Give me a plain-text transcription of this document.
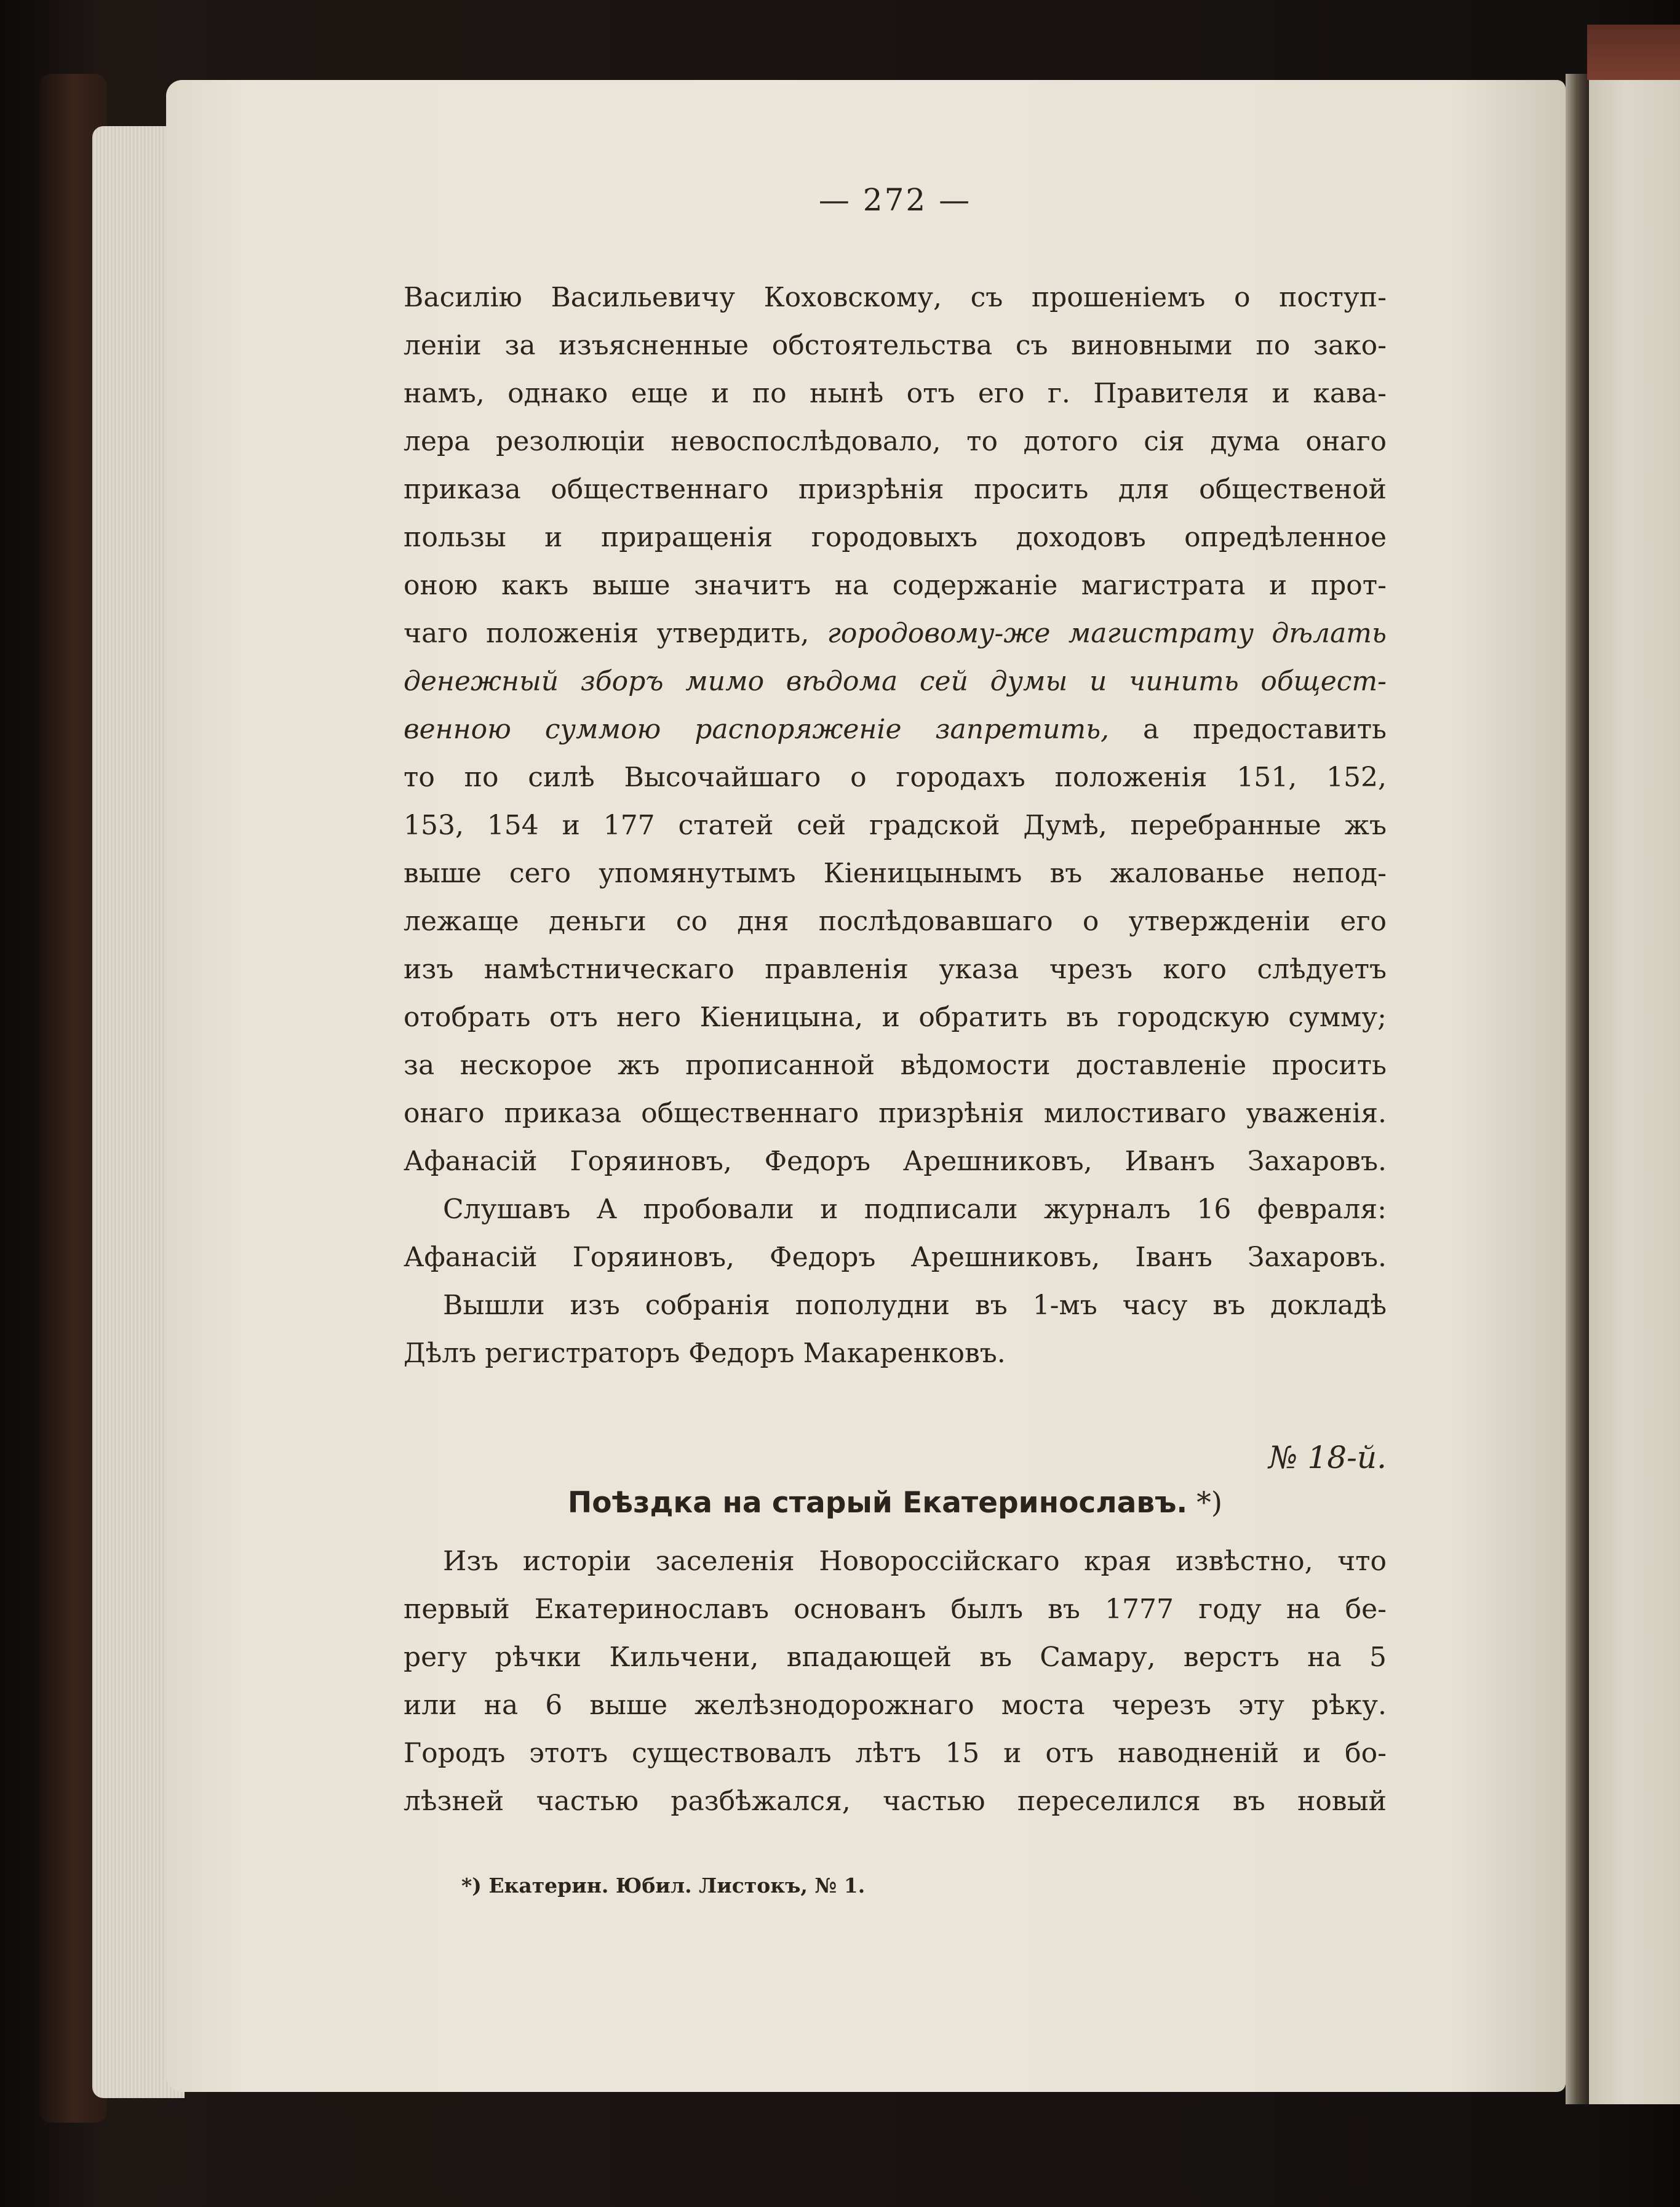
— 272 —
Василію Васильевичу Коховскому, съ прошеніемъ о поступ-
леніи за изъясненные обстоятельства съ виновными по зако-
намъ, однако еще и по нынѣ отъ его г. Правителя и кава-
лера резолюціи невоспослѣдовало, то дотого сія дума онаго
приказа общественнаго призрѣнія просить для общественой
пользы и приращенія городовыхъ доходовъ опредѣленное
оною какъ выше значитъ на содержаніе магистрата и прот-
чаго положенія утвердить, городовому-же магистрату дѣлать
денежный зборъ мимо вѣдома сей думы и чинить общест-
венною суммою распоряженіе запретить, а предоставить
то по силѣ Высочайшаго о городахъ положенія 151, 152,
153, 154 и 177 статей сей градской Думѣ, перебранные жъ
выше сего упомянутымъ Кіеницынымъ въ жалованье непод-
лежаще деньги со дня послѣдовавшаго о утвержденіи его
изъ намѣстническаго правленія указа чрезъ кого слѣдуетъ
отобрать отъ него Кіеницына, и обратить въ городскую сумму;
за нескорое жъ прописанной вѣдомости доставленіе просить
онаго приказа общественнаго призрѣнія милостиваго уваженія.
Афанасій Горяиновъ, Федоръ Арешниковъ, Иванъ Захаровъ.
Слушавъ А пробовали и подписали журналъ 16 февраля:
Афанасій Горяиновъ, Федоръ Арешниковъ, Іванъ Захаровъ.
Вышли изъ собранія пополудни въ 1-мъ часу въ докладѣ
Дѣлъ регистраторъ Федоръ Макаренковъ.
№ 18-й.
Поѣздка на старый Екатеринославъ. *)
Изъ исторіи заселенія Новороссійскаго края извѣстно, что
первый Екатеринославъ основанъ былъ въ 1777 году на бе-
регу рѣчки Кильчени, впадающей въ Самару, верстъ на 5
или на 6 выше желѣзнодорожнаго моста черезъ эту рѣку.
Городъ этотъ существовалъ лѣтъ 15 и отъ наводненій и бо-
лѣзней частью разбѣжался, частью переселился въ новый
*) Екатерин. Юбил. Листокъ, № 1.
